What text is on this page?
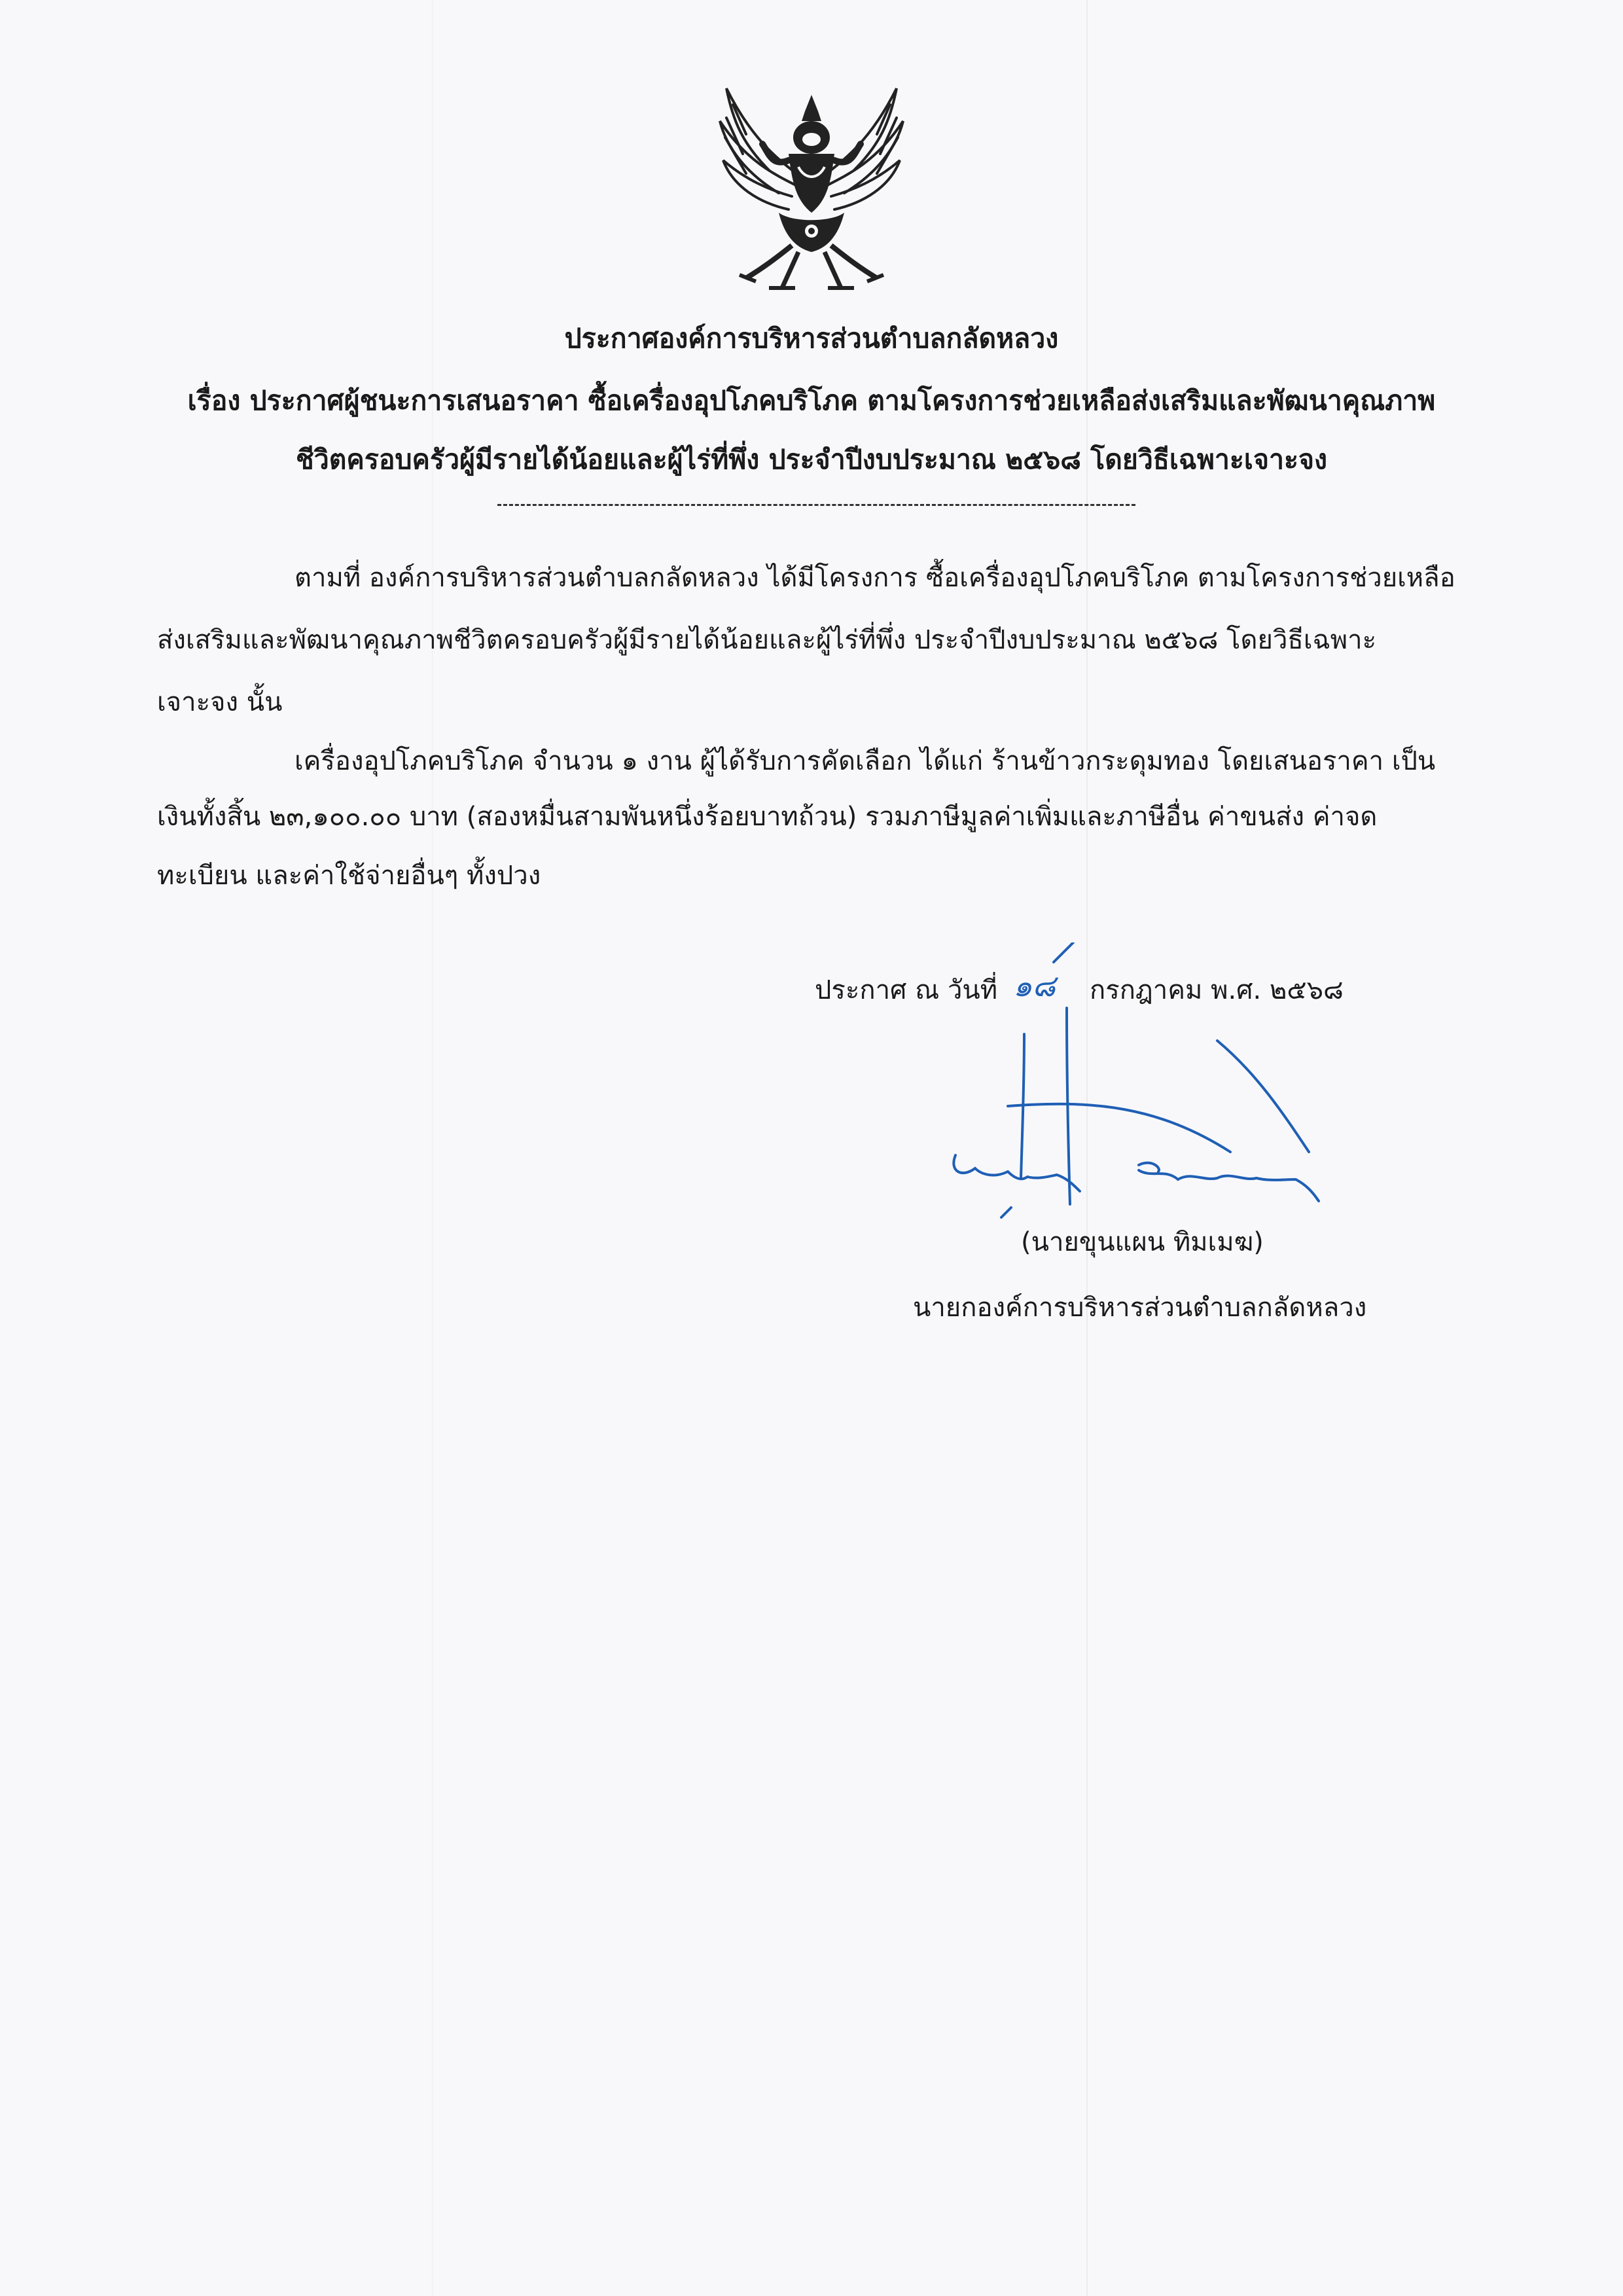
ประกาศองค์การบริหารส่วนตำบลกลัดหลวง
เรื่อง ประกาศผู้ชนะการเสนอราคา ซื้อเครื่องอุปโภคบริโภค ตามโครงการช่วยเหลือส่งเสริมและพัฒนาคุณภาพ
ชีวิตครอบครัวผู้มีรายได้น้อยและผู้ไร่ที่พึ่ง ประจำปีงบประมาณ ๒๕๖๘ โดยวิธีเฉพาะเจาะจง
ตามที่ องค์การบริหารส่วนตำบลกลัดหลวง ได้มีโครงการ ซื้อเครื่องอุปโภคบริโภค ตามโครงการช่วยเหลือ
ส่งเสริมและพัฒนาคุณภาพชีวิตครอบครัวผู้มีรายได้น้อยและผู้ไร่ที่พึ่ง ประจำปีงบประมาณ ๒๕๖๘ โดยวิธีเฉพาะ
เจาะจง นั้น
เครื่องอุปโภคบริโภค จำนวน ๑ งาน ผู้ได้รับการคัดเลือก ได้แก่ ร้านข้าวกระดุมทอง โดยเสนอราคา เป็น
เงินทั้งสิ้น ๒๓,๑๐๐.๐๐ บาท (สองหมื่นสามพันหนึ่งร้อยบาทถ้วน) รวมภาษีมูลค่าเพิ่มและภาษีอื่น ค่าขนส่ง ค่าจด
ทะเบียน และค่าใช้จ่ายอื่นๆ ทั้งปวง
ประกาศ ณ วันที่ ๑๘ กรกฎาคม พ.ศ. ๒๕๖๘
(นายขุนแผน ทิมเมฆ)
นายกองค์การบริหารส่วนตำบลกลัดหลวง
